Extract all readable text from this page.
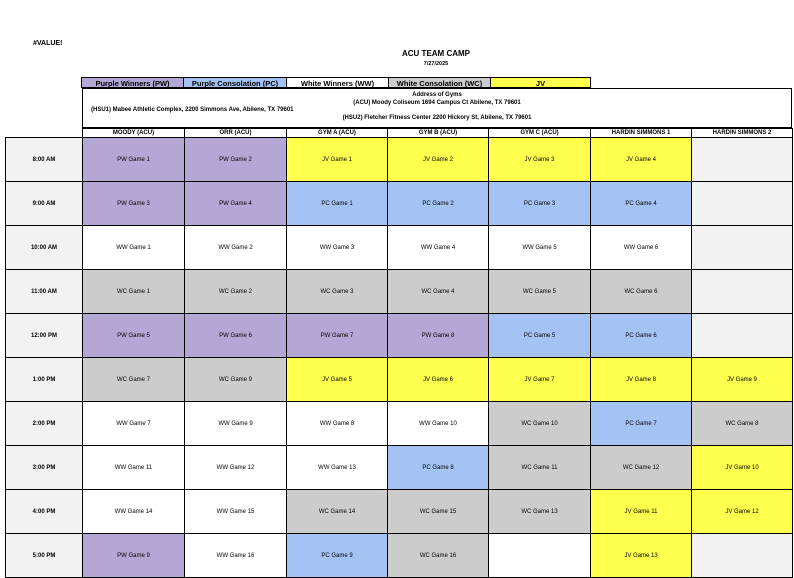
#VALUE!
ACU TEAM CAMP
7/27/2025
Purple Winners (PW)	Purple Consolation (PC)	White Winners (WW)	White Consolation (WC)	JV
Address of Gyms
(ACU) Moody Coliseum 1694 Campus Ct Abilene, TX 79601
(HSU1) Mabee Athletic Complex, 2200 Simmons Ave, Abilene, TX 79601
(HSU2) Fletcher Fitness Center 2200 Hickory St, Abilene, TX 79601
	MOODY (ACU)	ORR (ACU)	GYM A (ACU)	GYM B (ACU)	GYM C (ACU)	HARDIN SIMMONS 1	HARDIN SIMMONS 2
8:00 AM	PW Game 1	PW Game 2	JV Game 1	JV Game 2	JV Game 3	JV Game 4	
9:00 AM	PW Game 3	PW Game 4	PC Game 1	PC Game 2	PC Game 3	PC Game 4	
10:00 AM	WW Game 1	WW Game 2	WW Game 3	WW Game 4	WW Game 5	WW Game 6	
11:00 AM	WC Game 1	WC Game 2	WC Game 3	WC Game 4	WC Game 5	WC Game 6	
12:00 PM	PW Game 5	PW Game 6	PW Game 7	PW Game 8	PC Game 5	PC Game 6	
1:00 PM	WC Game 7	WC Game 9	JV Game 5	JV Game 6	JV Game 7	JV Game 8	JV Game 9
2:00 PM	WW Game 7	WW Game 9	WW Game 8	WW Game 10	WC Game 10	PC Game 7	WC Game 8
3:00 PM	WW Game 11	WW Game 12	WW Game 13	PC Game 8	WC Game 11	WC Game 12	JV Game 10
4:00 PM	WW Game 14	WW Game 15	WC Game 14	WC Game 15	WC Game 13	JV Game 11	JV Game 12
5:00 PM	PW Game 9	WW Game 16	PC Game 9	WC Game 16		JV Game 13	
